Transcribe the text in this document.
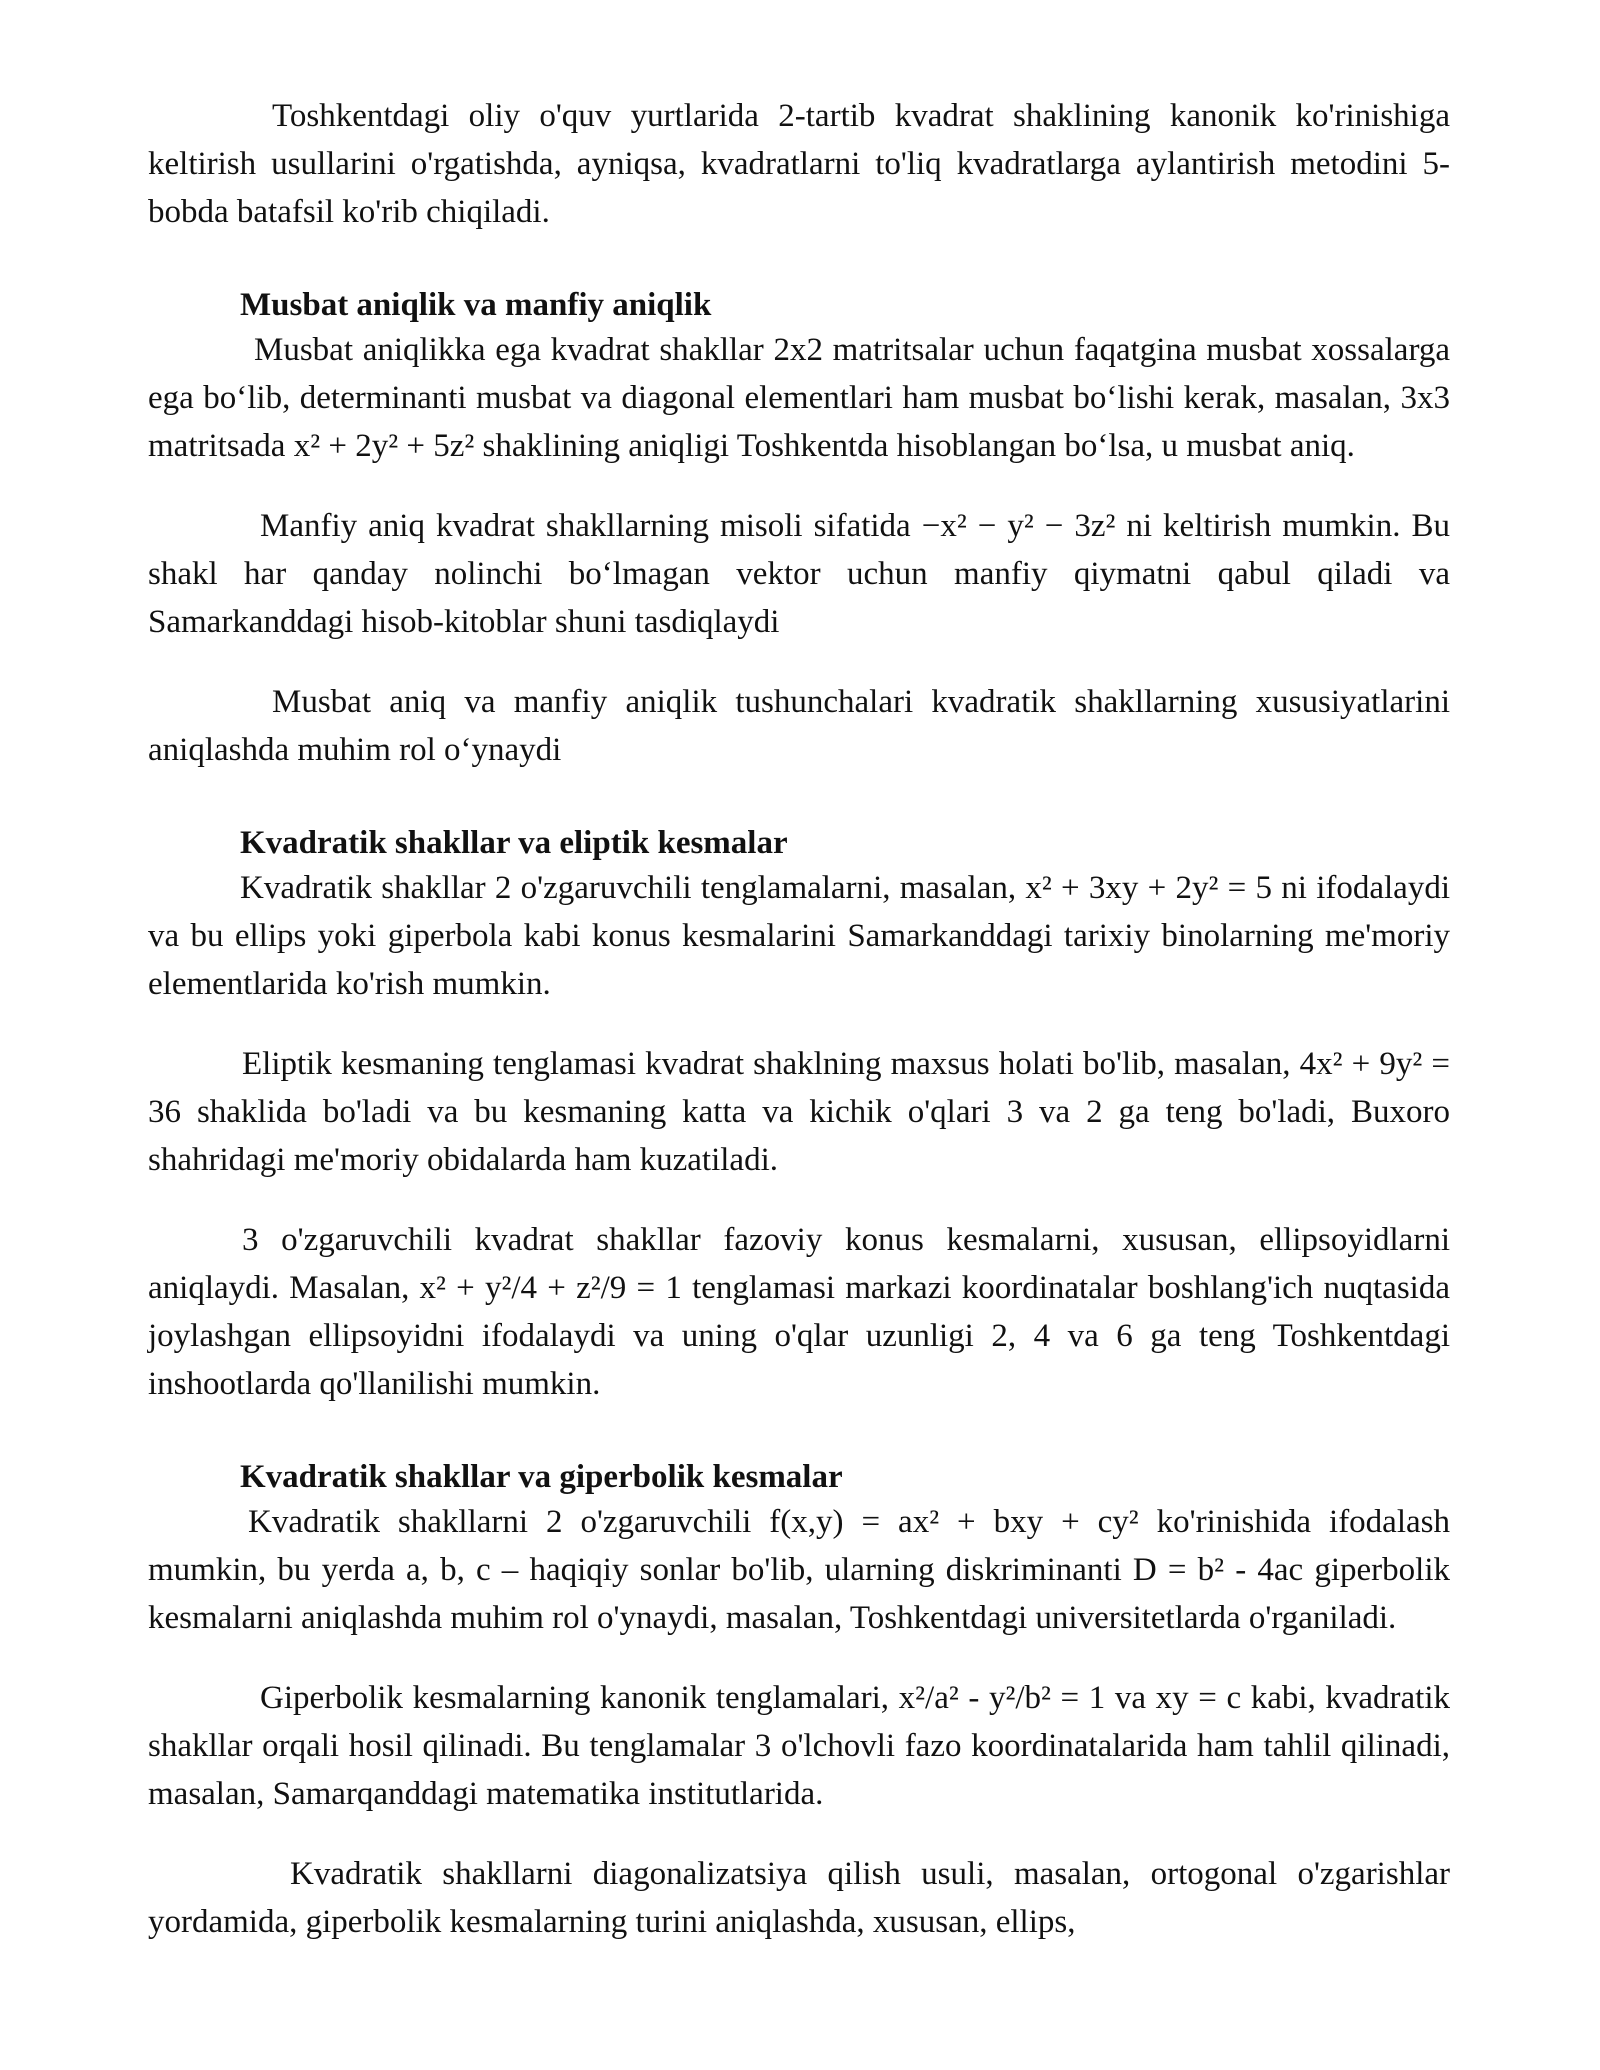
Toshkentdagi oliy o'quv yurtlarida 2-tartib kvadrat shaklining kanonik ko'rinishiga keltirish usullarini o'rgatishda, ayniqsa, kvadratlarni to'liq kvadratlarga aylantirish metodini 5-bobda batafsil ko'rib chiqiladi.

Musbat aniqlik va manfiy aniqlik

Musbat aniqlikka ega kvadrat shakllar 2x2 matritsalar uchun faqatgina musbat xossalarga ega bo‘lib, determinanti musbat va diagonal elementlari ham musbat bo‘lishi kerak, masalan, 3x3 matritsada x² + 2y² + 5z² shaklining aniqligi Toshkentda hisoblangan bo‘lsa, u musbat aniq.

Manfiy aniq kvadrat shakllarning misoli sifatida −x² − y² − 3z² ni keltirish mumkin. Bu shakl har qanday nolinchi bo‘lmagan vektor uchun manfiy qiymatni qabul qiladi va Samarkanddagi hisob-kitoblar shuni tasdiqlaydi

Musbat aniq va manfiy aniqlik tushunchalari kvadratik shakllarning xususiyatlarini aniqlashda muhim rol o‘ynaydi

Kvadratik shakllar va eliptik kesmalar

Kvadratik shakllar 2 o'zgaruvchili tenglamalarni, masalan, x² + 3xy + 2y² = 5 ni ifodalaydi va bu ellips yoki giperbola kabi konus kesmalarini Samarkanddagi tarixiy binolarning me'moriy elementlarida ko'rish mumkin.

Eliptik kesmaning tenglamasi kvadrat shaklning maxsus holati bo'lib, masalan, 4x² + 9y² = 36 shaklida bo'ladi va bu kesmaning katta va kichik o'qlari 3 va 2 ga teng bo'ladi, Buxoro shahridagi me'moriy obidalarda ham kuzatiladi.

3 o'zgaruvchili kvadrat shakllar fazoviy konus kesmalarni, xususan, ellipsoyidlarni aniqlaydi. Masalan, x² + y²/4 + z²/9 = 1 tenglamasi markazi koordinatalar boshlang'ich nuqtasida joylashgan ellipsoyidni ifodalaydi va uning o'qlar uzunligi 2, 4 va 6 ga teng Toshkentdagi inshootlarda qo'llanilishi mumkin.

Kvadratik shakllar va giperbolik kesmalar

Kvadratik shakllarni 2 o'zgaruvchili f(x,y) = ax² + bxy + cy² ko'rinishida ifodalash mumkin, bu yerda a, b, c – haqiqiy sonlar bo'lib, ularning diskriminanti D = b² - 4ac giperbolik kesmalarni aniqlashda muhim rol o'ynaydi, masalan, Toshkentdagi universitetlarda o'rganiladi.

Giperbolik kesmalarning kanonik tenglamalari, x²/a² - y²/b² = 1 va xy = c kabi, kvadratik shakllar orqali hosil qilinadi. Bu tenglamalar 3 o'lchovli fazo koordinatalarida ham tahlil qilinadi, masalan, Samarqanddagi matematika institutlarida.

Kvadratik shakllarni diagonalizatsiya qilish usuli, masalan, ortogonal o'zgarishlar yordamida, giperbolik kesmalarning turini aniqlashda, xususan, ellips,
